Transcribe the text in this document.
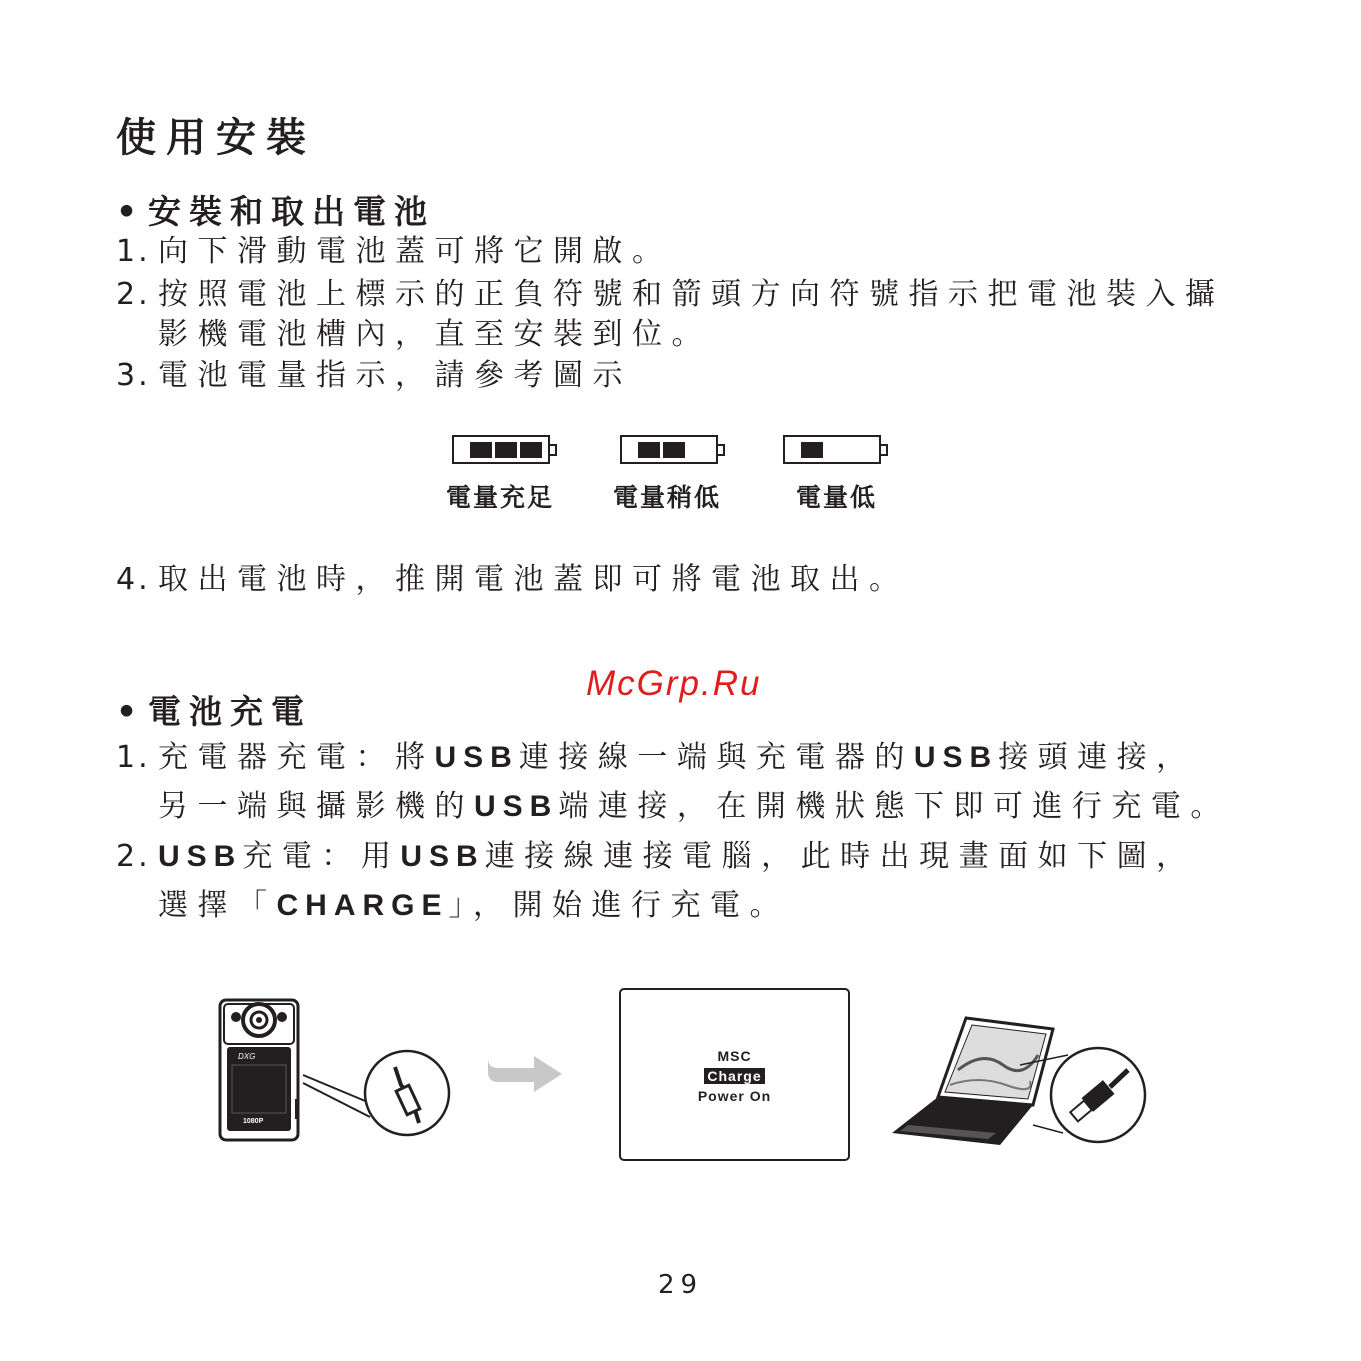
使用安裝
• 安裝和取出電池
1. 向下滑動電池蓋可將它開啟。
2. 按照電池上標示的正負符號和箭頭方向符號指示把電池裝入攝
影機電池槽內，直至安裝到位。
3. 電池電量指示，請參考圖示
電量充足 電量稍低	電量低
4. 取出電池時，推開電池蓋即可將電池取出。
McGrp.Ru
• 電池充電
1. 充電器充電：將USB連接線一端與充電器的USB接頭連接，
另一端與攝影機的USB端連接，在開機狀態下即可進行充電。
2. USB充電：用USB連接線連接電腦，此時出現畫面如下圖，
選擇「CHARGE」，開始進行充電。
DXG
1080P
MSC
Charge
Power On
29
